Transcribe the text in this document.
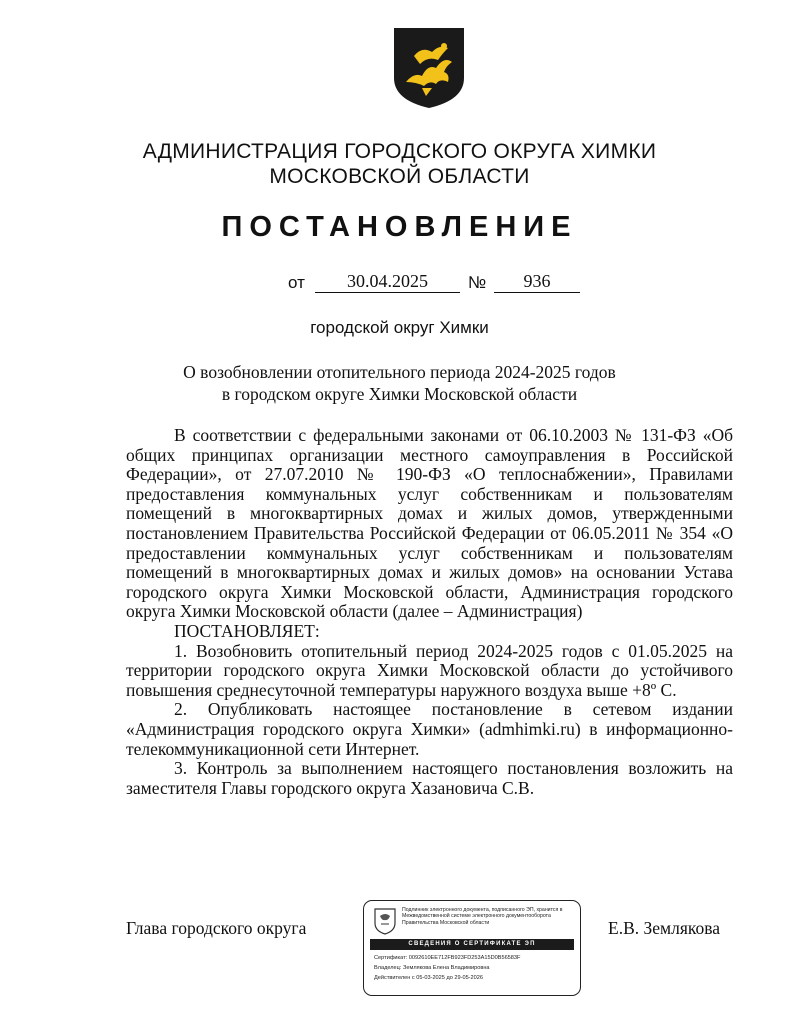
АДМИНИСТРАЦИЯ ГОРОДСКОГО ОКРУГА ХИМКИ
МОСКОВСКОЙ ОБЛАСТИ
ПОСТАНОВЛЕНИЕ
от	30.04.2025	№	936
городской округ Химки
О возобновлении отопительного периода 2024-2025 годов
в городском округе Химки Московской области

В соответствии с федеральными законами от 06.10.2003 № 131-ФЗ «Об общих принципах организации местного самоуправления в Российской Федерации», от 27.07.2010 № 190-ФЗ «О теплоснабжении», Правилами предоставления коммунальных услуг собственникам и пользователям помещений в многоквартирных домах и жилых домов, утвержденными постановлением Правительства Российской Федерации от 06.05.2011 № 354 «О предоставлении коммунальных услуг собственникам и пользователям помещений в многоквартирных домах и жилых домов» на основании Устава городского округа Химки Московской области, Администрация городского округа Химки Московской области (далее – Администрация)

ПОСТАНОВЛЯЕТ:

1. Возобновить отопительный период 2024-2025 годов с 01.05.2025 на территории городского округа Химки Московской области до устойчивого повышения среднесуточной температуры наружного воздуха выше +8º С.

2. Опубликовать настоящее постановление в сетевом издании «Администрация городского округа Химки» (admhimki.ru) в информационно-телекоммуникационной сети Интернет.

3. Контроль за выполнением настоящего постановления возложить на заместителя Главы городского округа Хазановича С.В.

Глава городского округа	Е.В. Землякова
Подлинник электронного документа, подписанного ЭП, хранится в Межведомственной системе электронного документооборота Правительства Московской области
СВЕДЕНИЯ О СЕРТИФИКАТЕ ЭП
Сертификат: 0092610EE712FB923FD253A15D0B56583F
Владелец: Землякова Елена Владимировна
Действителен с 05-03-2025 до 29-05-2026
